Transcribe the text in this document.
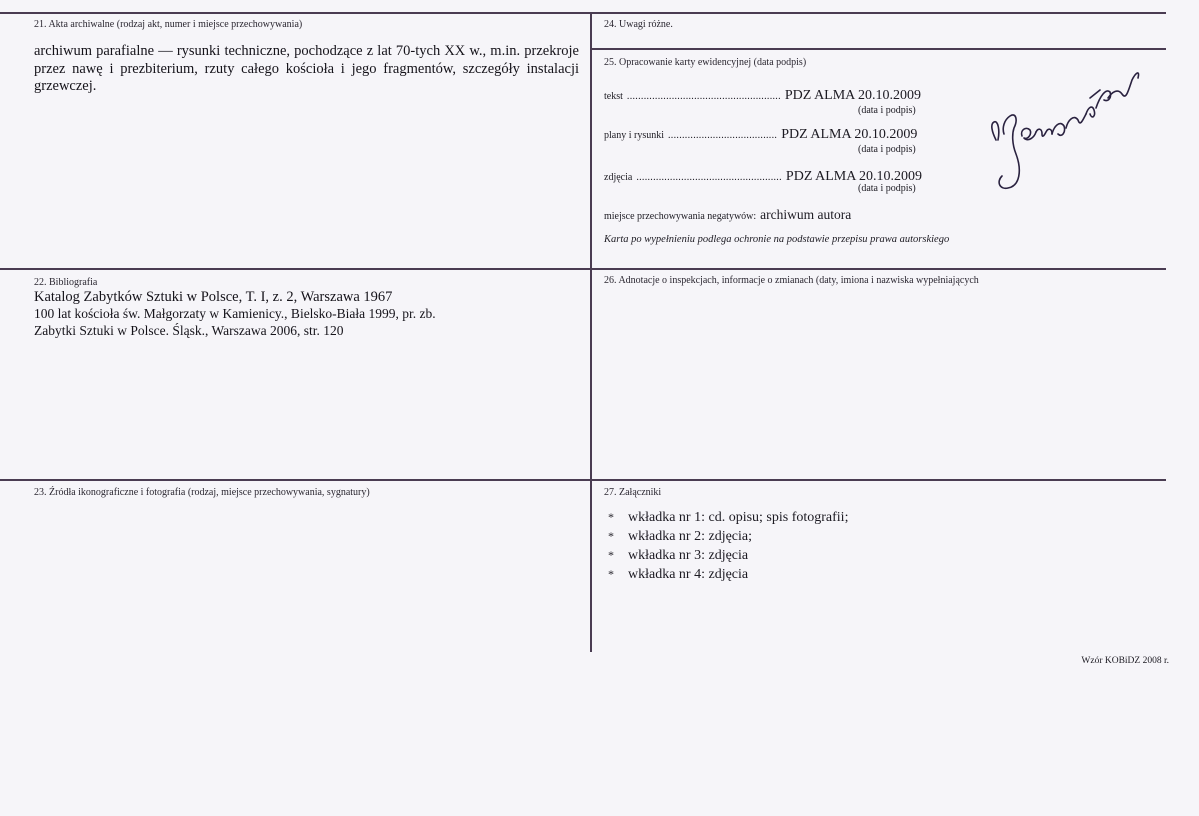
21. Akta archiwalne (rodzaj akt, numer i miejsce przechowywania)
archiwum parafialne — rysunki techniczne, pochodzące z lat 70-tych XX w., m.in. przekroje przez nawę i prezbiterium, rzuty całego kościoła i jego fragmentów, szczegóły instalacji grzewczej.
24. Uwagi różne.
25. Opracowanie karty ewidencyjnej (data podpis)
tekst ....................................................... PDZ ALMA 20.10.2009
(data i podpis)
plany i rysunki ....................................... PDZ ALMA 20.10.2009
(data i podpis)
zdjęcia .................................................... PDZ ALMA 20.10.2009
(data i podpis)
miejsce przechowywania negatywów: archiwum autora
Karta po wypełnieniu podlega ochronie na podstawie przepisu prawa autorskiego
22. Bibliografia
Katalog Zabytków Sztuki w Polsce, T. I, z. 2, Warszawa 1967
100 lat kościoła św. Małgorzaty w Kamienicy., Bielsko-Biała 1999, pr. zb.
Zabytki Sztuki w Polsce. Śląsk., Warszawa 2006, str. 120
26. Adnotacje o inspekcjach, informacje o zmianach (daty, imiona i nazwiska wypełniających
23. Źródła ikonograficzne i fotografia (rodzaj, miejsce przechowywania, sygnatury)	27. Załączniki
* wkładka nr 1: cd. opisu; spis fotografii;
* wkładka nr 2: zdjęcia;
* wkładka nr 3: zdjęcia
* wkładka nr 4: zdjęcia
Wzór KOBiDZ 2008 r.
